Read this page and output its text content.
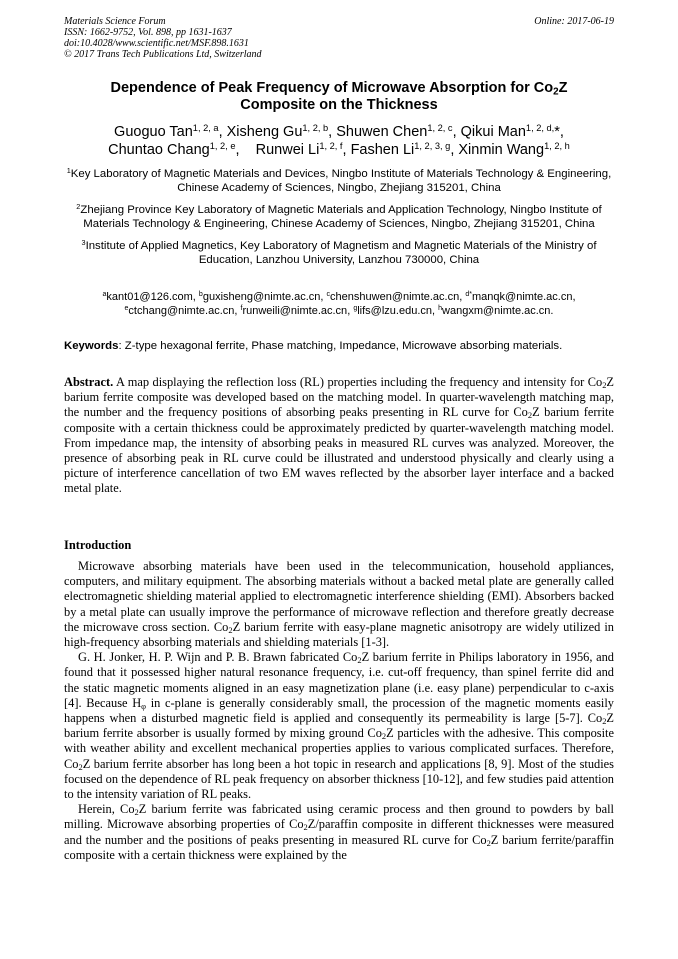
Materials Science Forum
ISSN: 1662-9752, Vol. 898, pp 1631-1637
doi:10.4028/www.scientific.net/MSF.898.1631
© 2017 Trans Tech Publications Ltd, Switzerland
Online: 2017-06-19
Dependence of Peak Frequency of Microwave Absorption for $Co_2Z$
Composite on the Thickness
Guoguo Tan$^{1, 2, a}$, Xisheng Gu$^{1, 2, b}$, Shuwen Chen$^{1, 2, c}$, Qikui Man$^{1, 2, d,}$*,
Chuntao Chang$^{1, 2, e}$,    Runwei Li$^{1, 2, f}$, Fashen Li$^{1, 2, 3, g}$, Xinmin Wang$^{1, 2, h}$

$^1$Key Laboratory of Magnetic Materials and Devices, Ningbo Institute of Materials Technology & Engineering, Chinese Academy of Sciences, Ningbo, Zhejiang 315201, China

$^2$Zhejiang Province Key Laboratory of Magnetic Materials and Application Technology, Ningbo Institute of Materials Technology & Engineering, Chinese Academy of Sciences, Ningbo, Zhejiang 315201, China

$^3$Institute of Applied Magnetics, Key Laboratory of Magnetism and Magnetic Materials of the Ministry of Education, Lanzhou University, Lanzhou 730000, China

$^a$kant01@126.com, $^b$guxisheng@nimte.ac.cn, $^c$chenshuwen@nimte.ac.cn, $^{d*}$manqk@nimte.ac.cn,
$^e$ctchang@nimte.ac.cn, $^f$runweili@nimte.ac.cn, $^g$lifs@lzu.edu.cn, $^h$wangxm@nimte.ac.cn.
Keywords: Z-type hexagonal ferrite, Phase matching, Impedance, Microwave absorbing materials.
Abstract. A map displaying the reflection loss (RL) properties including the frequency and intensity for $Co_2Z$ barium ferrite composite was developed based on the matching model. In quarter-wavelength matching map, the number and the frequency positions of absorbing peaks presenting in RL curve for $Co_2Z$ barium ferrite composite with a certain thickness could be approximately predicted by quarter-wavelength matching model. From impedance map, the intensity of absorbing peaks in measured RL curves was analyzed. Moreover, the presence of absorbing peak in RL curve could be illustrated and understood physically and clearly using a picture of interference cancellation of two EM waves reflected by the absorber layer interface and a backed metal plate.
Introduction

Microwave absorbing materials have been used in the telecommunication, household appliances, computers, and military equipment. The absorbing materials without a backed metal plate are generally called electromagnetic shielding material applied to electromagnetic interference shielding (EMI). Absorbers backed by a metal plate can usually improve the performance of microwave reflection and therefore greatly decrease the microwave cross section. $Co_2Z$ barium ferrite with easy-plane magnetic anisotropy are widely utilized in high-frequency absorbing materials and shielding materials [1-3].

G. H. Jonker, H. P. Wijn and P. B. Brawn fabricated $Co_2Z$ barium ferrite in Philips laboratory in 1956, and found that it possessed higher natural resonance frequency, i.e. cut-off frequency, than spinel ferrite did and the static magnetic moments aligned in an easy magnetization plane (i.e. easy plane) perpendicular to c-axis [4]. Because $H_\varphi$ in c-plane is generally considerably small, the procession of the magnetic moments easily happens when a disturbed magnetic field is applied and consequently its permeability is large [5-7]. $Co_2Z$ barium ferrite absorber is usually formed by mixing ground $Co_2Z$ particles with the adhesive. This composite with weather ability and excellent mechanical properties applies to various complicated surfaces. Therefore, $Co_2Z$ barium ferrite absorber has long been a hot topic in research and applications [8, 9]. Most of the studies focused on the dependence of RL peak frequency on absorber thickness [10-12], and few studies paid attention to the intensity variation of RL peaks.

Herein, $Co_2Z$ barium ferrite was fabricated using ceramic process and then ground to powders by ball milling. Microwave absorbing properties of $Co_2Z$/paraffin composite in different thicknesses were measured and the number and the positions of peaks presenting in measured RL curve for $Co_2Z$ barium ferrite/paraffin composite with a certain thickness were explained by the
